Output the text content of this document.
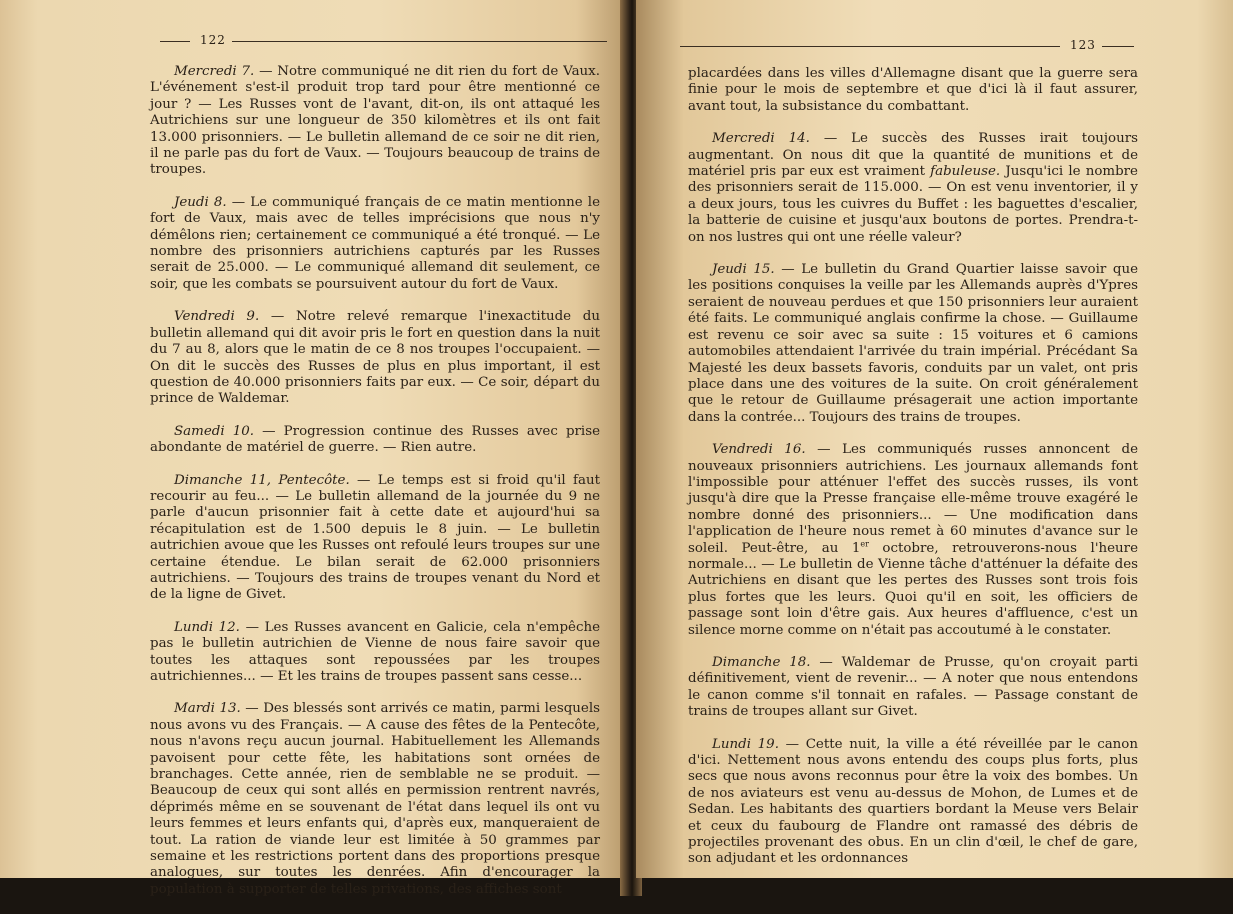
122

Mercredi 7. — Notre communiqué ne dit rien du fort de Vaux. L'événement s'est-il produit trop tard pour être mentionné ce jour ? — Les Russes vont de l'avant, dit-on, ils ont attaqué les Autrichiens sur une longueur de 350 kilomètres et ils ont fait 13.000 prisonniers. — Le bulletin allemand de ce soir ne dit rien, il ne parle pas du fort de Vaux. — Toujours beaucoup de trains de troupes.

Jeudi 8. — Le communiqué français de ce matin mentionne le fort de Vaux, mais avec de telles imprécisions que nous n'y démêlons rien; certainement ce communiqué a été tronqué. — Le nombre des prisonniers autrichiens capturés par les Russes serait de 25.000. — Le communiqué allemand dit seulement, ce soir, que les combats se poursuivent autour du fort de Vaux.

Vendredi 9. — Notre relevé remarque l'inexactitude du bulletin allemand qui dit avoir pris le fort en question dans la nuit du 7 au 8, alors que le matin de ce 8 nos troupes l'occupaient. — On dit le succès des Russes de plus en plus important, il est question de 40.000 prisonniers faits par eux. — Ce soir, départ du prince de Waldemar.

Samedi 10. — Progression continue des Russes avec prise abondante de matériel de guerre. — Rien autre.

Dimanche 11, Pentecôte. — Le temps est si froid qu'il faut recourir au feu... — Le bulletin allemand de la journée du 9 ne parle d'aucun prisonnier fait à cette date et aujourd'hui sa récapitulation est de 1.500 depuis le 8 juin. — Le bulletin autrichien avoue que les Russes ont refoulé leurs troupes sur une certaine étendue. Le bilan serait de 62.000 prisonniers autrichiens. — Toujours des trains de troupes venant du Nord et de la ligne de Givet.

Lundi 12. — Les Russes avancent en Galicie, cela n'empêche pas le bulletin autrichien de Vienne de nous faire savoir que toutes les attaques sont repoussées par les troupes autrichiennes... — Et les trains de troupes passent sans cesse...

Mardi 13. — Des blessés sont arrivés ce matin, parmi lesquels nous avons vu des Français. — A cause des fêtes de la Pentecôte, nous n'avons reçu aucun journal. Habituellement les Allemands pavoisent pour cette fête, les habitations sont ornées de branchages. Cette année, rien de semblable ne se produit. — Beaucoup de ceux qui sont allés en permission rentrent navrés, déprimés même en se souvenant de l'état dans lequel ils ont vu leurs femmes et leurs enfants qui, d'après eux, manqueraient de tout. La ration de viande leur est limitée à 50 grammes par semaine et les restrictions portent dans des proportions presque analogues, sur toutes les denrées. Afin d'encourager la population à supporter de telles privations, des affiches sont

123

placardées dans les villes d'Allemagne disant que la guerre sera finie pour le mois de septembre et que d'ici là il faut assurer, avant tout, la subsistance du combattant.

Mercredi 14. — Le succès des Russes irait toujours augmentant. On nous dit que la quantité de munitions et de matériel pris par eux est vraiment fabuleuse. Jusqu'ici le nombre des prisonniers serait de 115.000. — On est venu inventorier, il y a deux jours, tous les cuivres du Buffet : les baguettes d'escalier, la batterie de cuisine et jusqu'aux boutons de portes. Prendra-t-on nos lustres qui ont une réelle valeur?

Jeudi 15. — Le bulletin du Grand Quartier laisse savoir que les positions conquises la veille par les Allemands auprès d'Ypres seraient de nouveau perdues et que 150 prisonniers leur auraient été faits. Le communiqué anglais confirme la chose. — Guillaume est revenu ce soir avec sa suite : 15 voitures et 6 camions automobiles attendaient l'arrivée du train impérial. Précédant Sa Majesté les deux bassets favoris, conduits par un valet, ont pris place dans une des voitures de la suite. On croit généralement que le retour de Guillaume présagerait une action importante dans la contrée... Toujours des trains de troupes.

Vendredi 16. — Les communiqués russes annoncent de nouveaux prisonniers autrichiens. Les journaux allemands font l'impossible pour atténuer l'effet des succès russes, ils vont jusqu'à dire que la Presse française elle-même trouve exagéré le nombre donné des prisonniers... — Une modification dans l'application de l'heure nous remet à 60 minutes d'avance sur le soleil. Peut-être, au 1er octobre, retrouverons-nous l'heure normale... — Le bulletin de Vienne tâche d'atténuer la défaite des Autrichiens en disant que les pertes des Russes sont trois fois plus fortes que les leurs. Quoi qu'il en soit, les officiers de passage sont loin d'être gais. Aux heures d'affluence, c'est un silence morne comme on n'était pas accoutumé à le constater.

Dimanche 18. — Waldemar de Prusse, qu'on croyait parti définitivement, vient de revenir... — A noter que nous entendons le canon comme s'il tonnait en rafales. — Passage constant de trains de troupes allant sur Givet.

Lundi 19. — Cette nuit, la ville a été réveillée par le canon d'ici. Nettement nous avons entendu des coups plus forts, plus secs que nous avons reconnus pour être la voix des bombes. Un de nos aviateurs est venu au-dessus de Mohon, de Lumes et de Sedan. Les habitants des quartiers bordant la Meuse vers Belair et ceux du faubourg de Flandre ont ramassé des débris de projectiles provenant des obus. En un clin d'œil, le chef de gare, son adjudant et les ordonnances
